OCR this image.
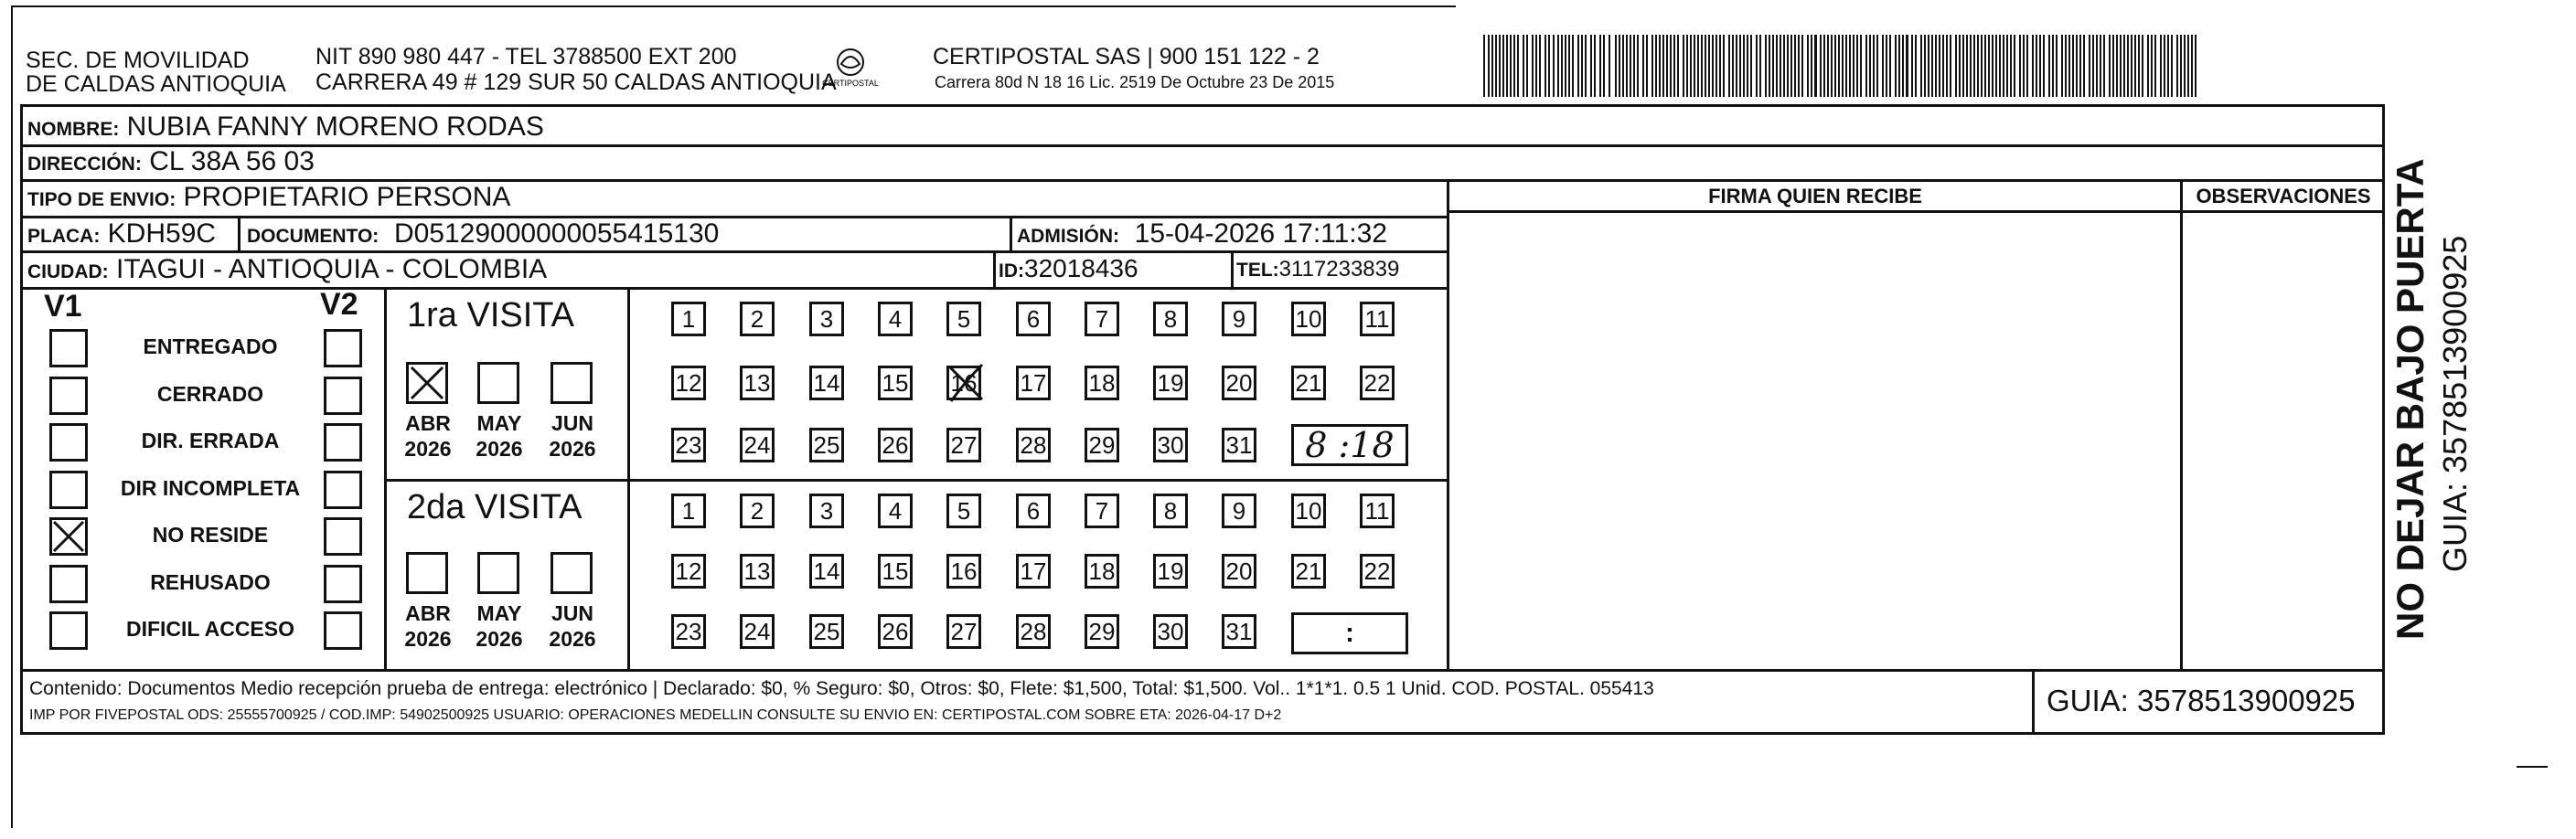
SEC. DE MOVILIDAD
DE CALDAS ANTIOQUIA
NIT 890 980 447 - TEL 3788500 EXT 200
CARRERA 49 # 129 SUR 50 CALDAS ANTIOQUIA
CERTIPOSTAL
CERTIPOSTAL SAS | 900 151 122 - 2
Carrera 80d N 18 16 Lic. 2519 De Octubre 23 De 2015
NOMBRE: NUBIA FANNY MORENO RODAS
DIRECCIÓN: CL 38A 56 03
TIPO DE ENVIO: PROPIETARIO PERSONA
PLACA: KDH59C DOCUMENTO: D05129000000055415130	ADMISIÓN: 15-04-2026 17:11:32
CIUDAD: ITAGUI - ANTIOQUIA - COLOMBIA	ID:32018436	TEL:3117233839
FIRMA QUIEN RECIBE	OBSERVACIONES
V1	V2
ENTREGADO
CERRADO
DIR. ERRADA
DIR INCOMPLETA
NO RESIDE
REHUSADO
DIFICIL ACCESO
1ra VISITA
ABR
2026
MAY
2026
JUN
2026
1	2	3	4	5	6	7	8	9	10 11
12 13 14 15 16 17 18 19 20 21 22
23 24 25 26 27 28 29 30 31	8 :18
2da VISITA
ABR
2026
MAY
2026
JUN
2026
1	2	3	4	5	6	7	8	9	10 11
12 13 14 15 16 17 18 19 20 21 22
23 24 25 26 27 28 29 30 31	:
Contenido: Documentos Medio recepción prueba de entrega: electrónico | Declarado: $0, % Seguro: $0, Otros: $0, Flete: $1,500, Total: $1,500. Vol.. 1*1*1. 0.5 1 Unid. COD. POSTAL. 055413
IMP POR FIVEPOSTAL ODS: 25555700925 / COD.IMP: 54902500925 USUARIO: OPERACIONES MEDELLIN CONSULTE SU ENVIO EN: CERTIPOSTAL.COM SOBRE ETA: 2026-04-17 D+2	GUIA: 3578513900925
NO DEJAR BAJO PUERTA GUIA: 3578513900925
